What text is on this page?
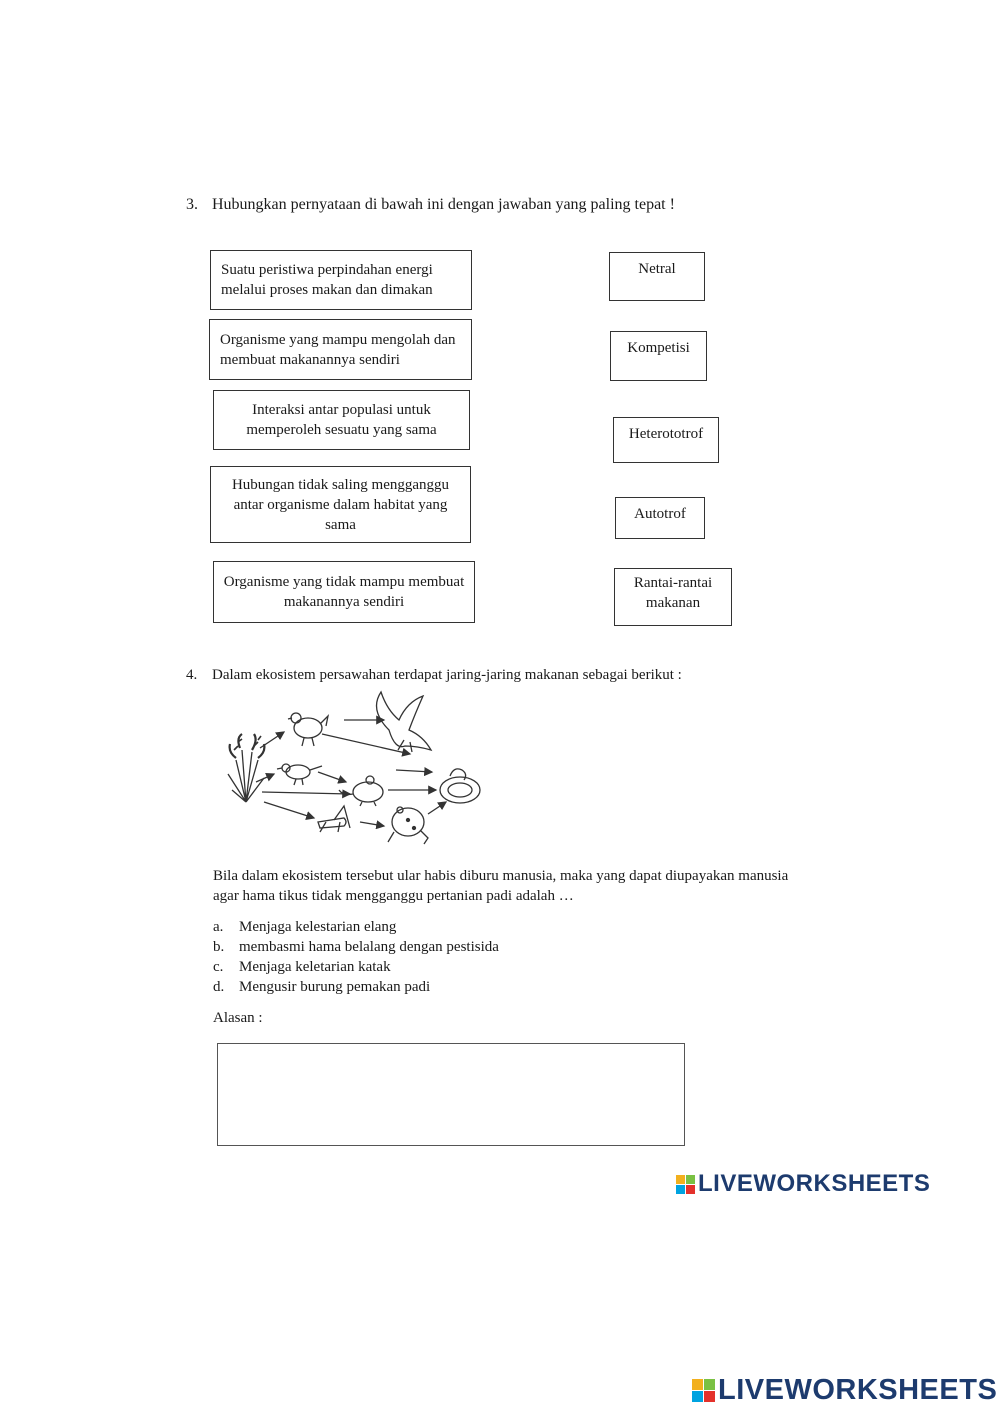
3. Hubungkan pernyataan di bawah ini dengan jawaban yang paling tepat !
Suatu peristiwa perpindahan energi melalui proses makan dan dimakan
Organisme yang mampu mengolah dan membuat makanannya sendiri
Interaksi antar populasi untuk memperoleh sesuatu yang sama
Hubungan tidak saling mengganggu antar organisme dalam habitat yang sama
Organisme yang tidak mampu membuat makanannya sendiri
Netral
Kompetisi
Heterototrof
Autotrof
Rantai-rantai makanan
4. Dalam ekosistem persawahan terdapat jaring-jaring makanan sebagai berikut :
Bila dalam ekosistem tersebut ular habis diburu manusia, maka yang dapat diupayakan manusia
agar hama tikus tidak mengganggu pertanian padi adalah …
a. Menjaga kelestarian elang
b. membasmi hama belalang dengan pestisida
c. Menjaga keletarian katak
d. Mengusir burung pemakan padi
Alasan :
LIVEWORKSHEETS
LIVEWORKSHEETS
